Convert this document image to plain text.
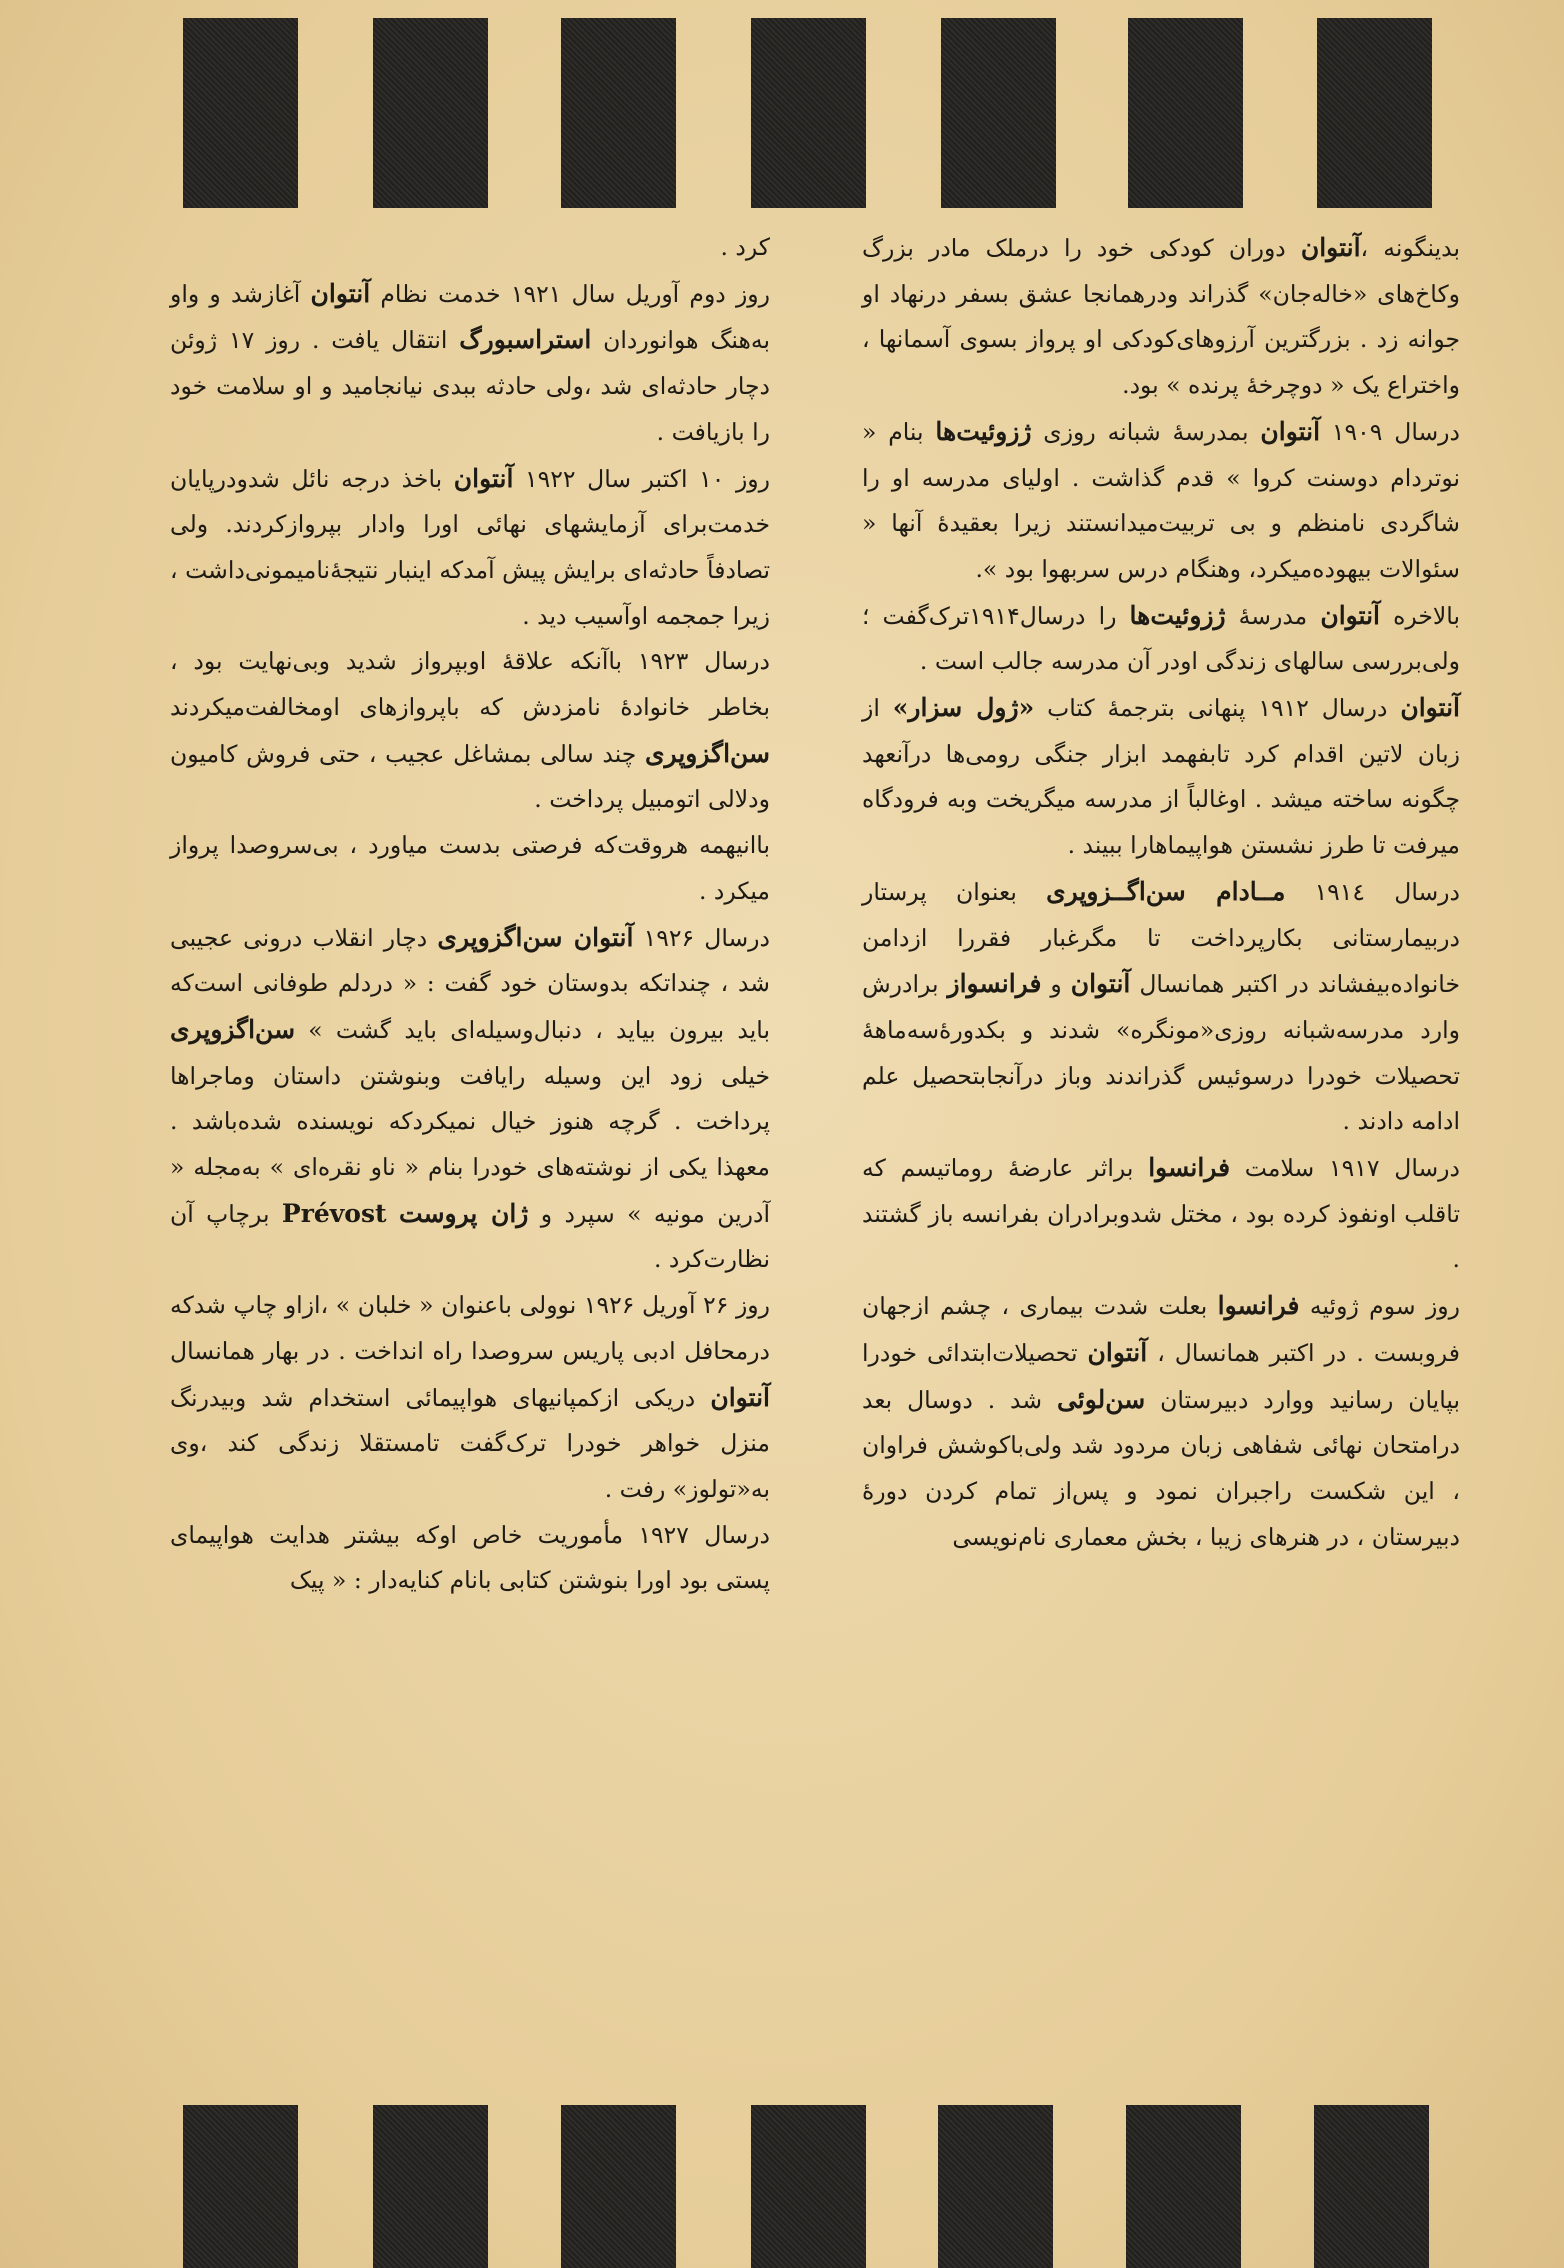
بدینگونه ،آنتوان دوران کودکی خود را درملک مادر بزرگ وکاخ‌های «خاله‌جان» گذراند ودرهمانجا عشق بسفر درنهاد او جوانه زد . بزرگترین آرزوهای‌کودکی او پرواز بسوی آسمانها ، واختراع یک « دوچرخهٔ پرنده » بود.

درسال ۱۹۰۹ آنتوان بمدرسهٔ شبانه روزی ژزوئیت‌ها بنام « نوتردام دوسنت کروا » قدم گذاشت . اولیای مدرسه او را شاگردی نامنظم و بی تربیت‌میدانستند زیرا بعقیدهٔ آنها « سئوالات بیهوده‌میکرد، وهنگام درس سربهوا بود ».

بالاخره آنتوان مدرسهٔ ژزوئیت‌ها را درسال۱۹۱۴ترک‌گفت ؛ ولی‌بررسی سالهای زندگی اودر آن مدرسه جالب است .

آنتوان درسال ۱۹۱۲ پنهانی بترجمهٔ کتاب «ژول سزار» از زبان لاتین اقدام کرد تابفهمد ابزار جنگی رومی‌ها درآنعهد چگونه ساخته میشد . اوغالباً از مدرسه میگریخت وبه فرودگاه میرفت تا طرز نشستن هواپیماهارا ببیند .

درسال ۱۹۱٤ مــادام سن‌اگــزوپری بعنوان پرستار دربیمارستانی بکارپرداخت تا مگرغبار فقررا ازدامن خانواده‌بیفشاند در اکتبر همانسال آنتوان و فرانسواز برادرش وارد مدرسه‌شبانه روزی«مونگره» شدند و بکدورهٔ‌سه‌ماههٔ تحصیلات خودرا درسوئیس گذراندند وباز درآنجابتحصیل علم ادامه دادند .

درسال ۱۹۱۷ سلامت فرانسوا براثر عارضهٔ روماتیسم که تاقلب اونفوذ کرده بود ، مختل شدوبرادران بفرانسه باز گشتند .

روز سوم ژوئیه فرانسوا بعلت شدت بیماری ، چشم ازجهان فروبست . در اکتبر همانسال ، آنتوان تحصیلات‌ابتدائی خودرا بپایان رسانید ووارد دبیرستان سن‌لوئی شد . دوسال بعد درامتحان نهائی شفاهی زبان مردود شد ولی‌باکوشش فراوان ، این شکست راجبران نمود و پس‌از تمام کردن دورهٔ دبیرستان ، در هنرهای زیبا ، بخش معماری نام‌نویسی

کرد .

روز دوم آوریل سال ۱۹۲۱ خدمت نظام آنتوان آغازشد و واو به‌هنگ هوانوردان استراسبورگ انتقال یافت . روز ۱۷ ژوئن دچار حادثه‌ای شد ،ولی حادثه ببدی نیانجامید و او سلامت خود را بازیافت .

روز ۱۰ اکتبر سال ۱۹۲۲ آنتوان باخذ درجه نائل شدودرپایان خدمت‌برای آزمایشهای نهائی اورا وادار بپروازکردند. ولی تصادفاً حادثه‌ای برایش پیش آمدکه اینبار نتیجهٔ‌ناميمونی‌داشت ، زیرا جمجمه اوآسیب دید .

درسال ۱۹۲۳ باآنکه علاقهٔ اوبپرواز شدید وبی‌نهایت بود ، بخاطر خانوادهٔ نامزدش که باپروازهای اومخالفت‌میکردند سن‌اگزوپری چند سالی بمشاغل عجیب ، حتی فروش کامیون ودلالی اتومبیل پرداخت .

باانیهمه هروقت‌که فرصتی بدست میاورد ، بی‌سروصدا پرواز میکرد .

درسال ۱۹۲۶ آنتوان سن‌اگزوپری دچار انقلاب درونی عجیبی شد ، چنداتکه بدوستان خود گفت : « دردلم طوفانی است‌که باید بیرون بیاید ، دنبال‌وسیله‌ای باید گشت » سن‌اگزوپری خیلی زود این وسیله رایافت وبنوشتن داستان وماجراها پرداخت . گرچه هنوز خیال نمیکردکه نویسنده شده‌باشد . معهذا یکی از نوشته‌های خودرا بنام « ناو نقره‌ای » به‌مجله « آدرین مونیه » سپرد و ژان پروست Prévost برچاپ آن نظارت‌کرد .

روز ۲۶ آوریل ۱۹۲۶ نوولی باعنوان « خلبان » ،ازاو چاپ شدکه درمحافل ادبی پاریس سروصدا راه انداخت . در بهار همانسال آنتوان دریکی ازکمپانیهای هواپیمائی استخدام شد وبیدرنگ منزل خواهر خودرا ترک‌گفت تامستقلا زندگی کند ،وی به«تولوز» رفت .

درسال ۱۹۲۷ مأموریت خاص اوکه بیشتر هدایت هواپیمای پستی بود اورا بنوشتن کتابی بانام کنایه‌دار : « پیک
